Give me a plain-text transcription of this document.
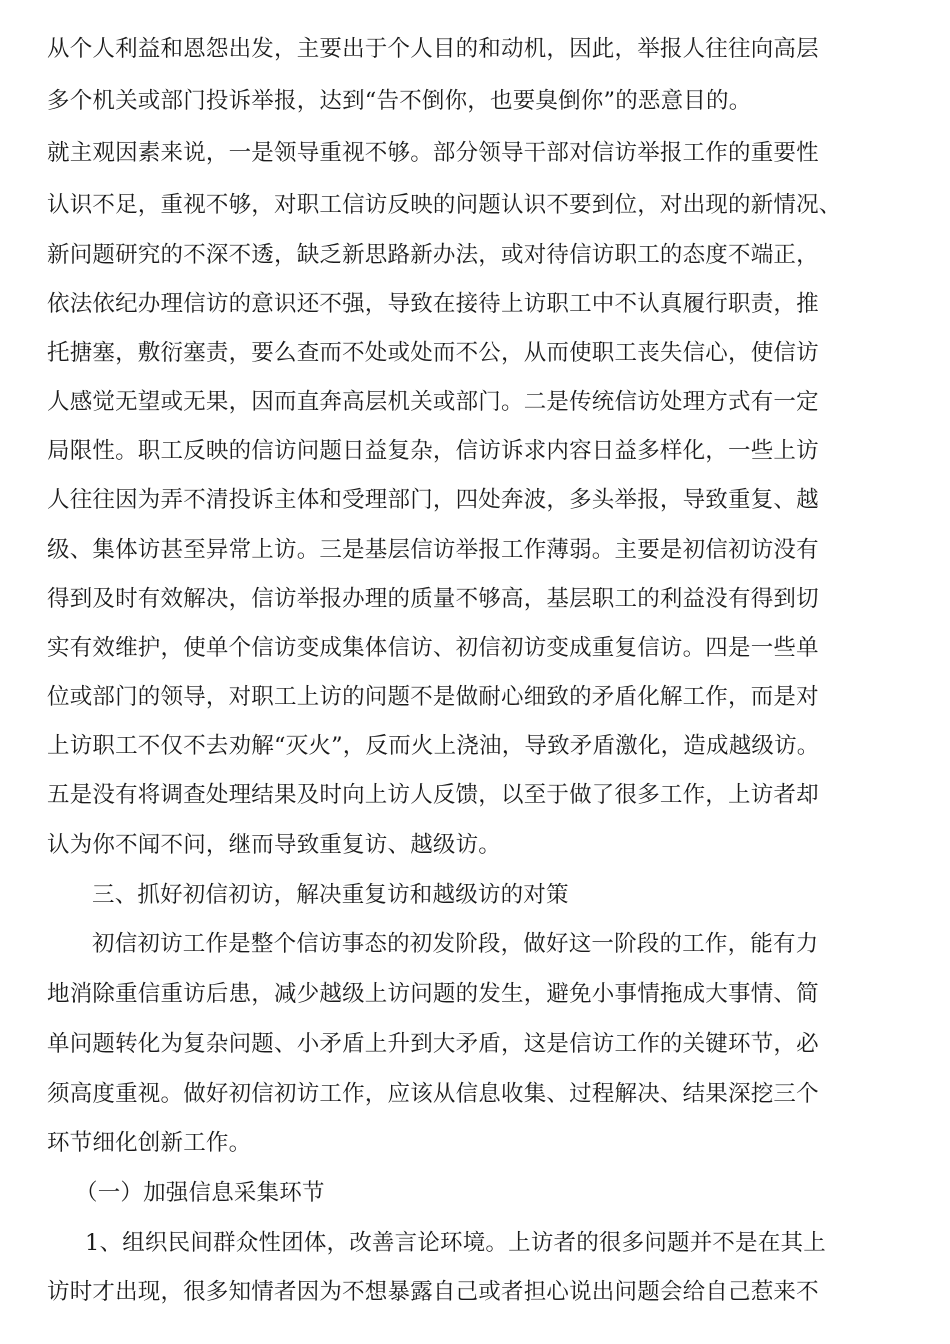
从个人利益和恩怨出发，主要出于个人目的和动机，因此，举报人往往向高层
多个机关或部门投诉举报，达到“告不倒你，也要臭倒你”的恶意目的。
就主观因素来说，一是领导重视不够。部分领导干部对信访举报工作的重要性
认识不足，重视不够，对职工信访反映的问题认识不要到位，对出现的新情况、
新问题研究的不深不透，缺乏新思路新办法，或对待信访职工的态度不端正，
依法依纪办理信访的意识还不强，导致在接待上访职工中不认真履行职责，推
托搪塞，敷衍塞责，要么查而不处或处而不公，从而使职工丧失信心，使信访
人感觉无望或无果，因而直奔高层机关或部门。二是传统信访处理方式有一定
局限性。职工反映的信访问题日益复杂，信访诉求内容日益多样化，一些上访
人往往因为弄不清投诉主体和受理部门，四处奔波，多头举报，导致重复、越
级、集体访甚至异常上访。三是基层信访举报工作薄弱。主要是初信初访没有
得到及时有效解决，信访举报办理的质量不够高，基层职工的利益没有得到切
实有效维护，使单个信访变成集体信访、初信初访变成重复信访。四是一些单
位或部门的领导，对职工上访的问题不是做耐心细致的矛盾化解工作，而是对
上访职工不仅不去劝解“灭火”，反而火上浇油，导致矛盾激化，造成越级访。
五是没有将调查处理结果及时向上访人反馈，以至于做了很多工作，上访者却
认为你不闻不问，继而导致重复访、越级访。
三、抓好初信初访，解决重复访和越级访的对策
初信初访工作是整个信访事态的初发阶段，做好这一阶段的工作，能有力
地消除重信重访后患，减少越级上访问题的发生，避免小事情拖成大事情、简
单问题转化为复杂问题、小矛盾上升到大矛盾，这是信访工作的关键环节，必
须高度重视。做好初信初访工作，应该从信息收集、过程解决、结果深挖三个
环节细化创新工作。
（一）加强信息采集环节
1、组织民间群众性团体，改善言论环境。上访者的很多问题并不是在其上
访时才出现，很多知情者因为不想暴露自己或者担心说出问题会给自己惹来不
